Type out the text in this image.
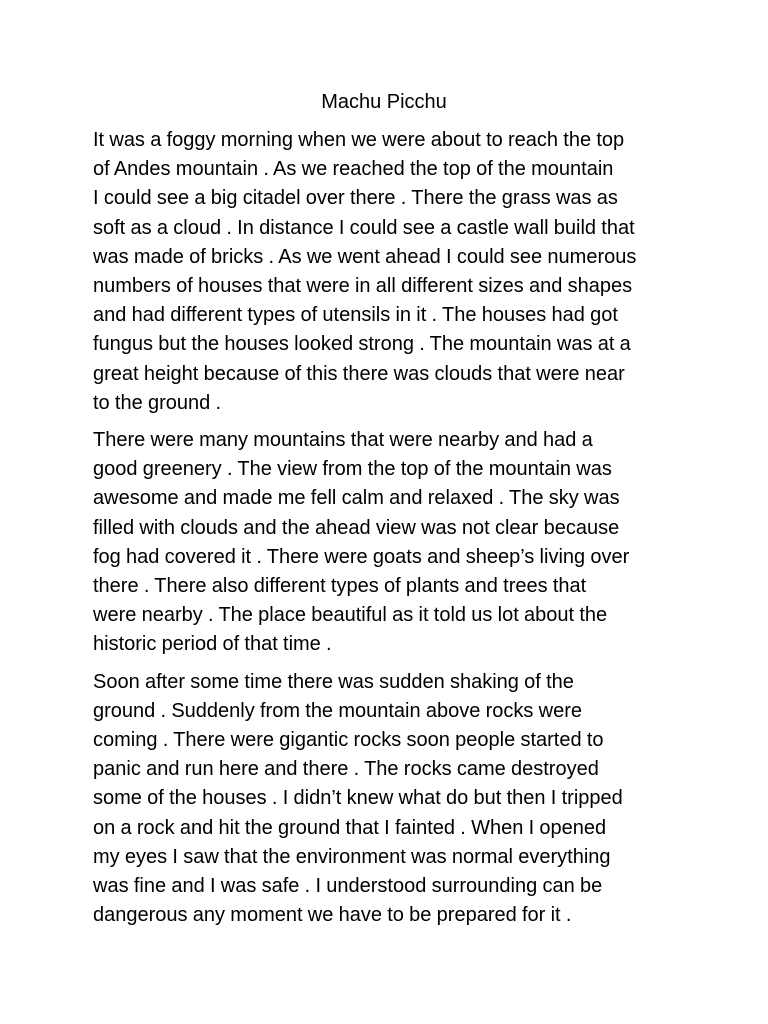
Machu Picchu

It was a foggy morning when we were about to reach the top
of Andes mountain . As we reached the top of the mountain
I could see a big citadel over there . There the grass was as
soft as a cloud . In distance I could see a castle wall build that
was made of bricks . As we went ahead I could see numerous
numbers of houses that were in all different sizes and shapes
and had different types of utensils in it . The houses had got
fungus but the houses looked strong . The mountain was at a
great height because of this there was clouds that were near
to the ground .

There were many mountains that were nearby and had a
good greenery . The view from the top of the mountain was
awesome and made me fell calm and relaxed . The sky was
filled with clouds and the ahead view was not clear because
fog had covered it . There were goats and sheep’s living over
there . There also different types of plants and trees that
were nearby . The place beautiful as it told us lot about the
historic period of that time .

Soon after some time there was sudden shaking of the
ground . Suddenly from the mountain above rocks were
coming . There were gigantic rocks soon people started to
panic and run here and there . The rocks came destroyed
some of the houses . I didn’t knew what do but then I tripped
on a rock and hit the ground that I fainted . When I opened
my eyes I saw that the environment was normal everything
was fine and I was safe . I understood surrounding can be
dangerous any moment we have to be prepared for it .
